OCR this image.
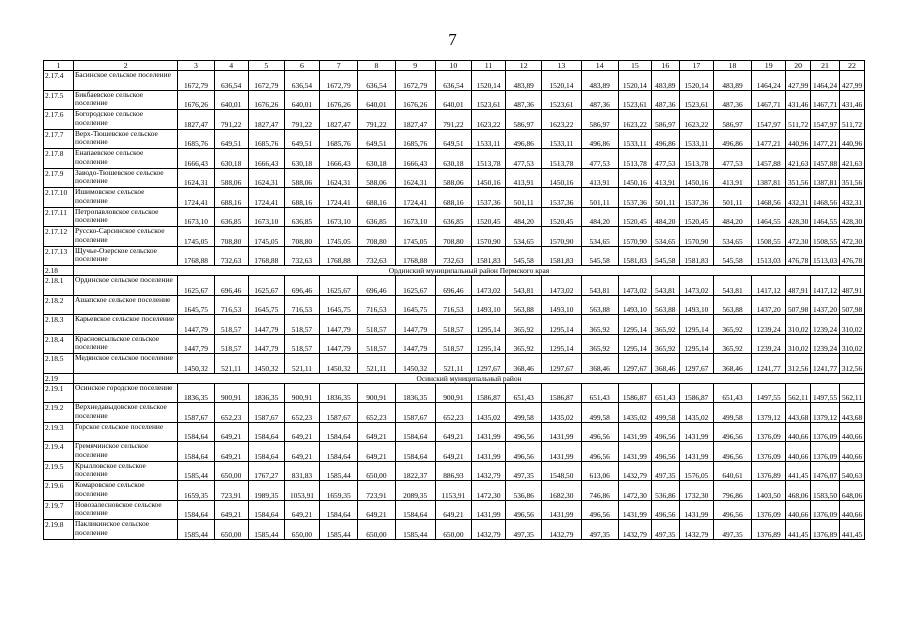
7
1	2	3	4	5	6	7	8	9	10	11	12	13	14	15	16	17	18	19	20	21	22
2.17.4	Басинское сельское поселение	1672,79	636,54	1672,79	636,54	1672,79	636,54	1672,79	636,54	1520,14	483,89	1520,14	483,89	1520,14	483,89	1520,14	483,89	1464,24	427,99	1464,24	427,99
2.17.5	Бикбаевское сельское поселение	1676,26	640,01	1676,26	640,01	1676,26	640,01	1676,26	640,01	1523,61	487,36	1523,61	487,36	1523,61	487,36	1523,61	487,36	1467,71	431,46	1467,71	431,46
2.17.6	Богородское сельское поселение	1827,47	791,22	1827,47	791,22	1827,47	791,22	1827,47	791,22	1623,22	586,97	1623,22	586,97	1623,22	586,97	1623,22	586,97	1547,97	511,72	1547,97	511,72
2.17.7	Верх-Тюшевское сельское поселение	1685,76	649,51	1685,76	649,51	1685,76	649,51	1685,76	649,51	1533,11	496,86	1533,11	496,86	1533,11	496,86	1533,11	496,86	1477,21	440,96	1477,21	440,96
2.17.8	Енапаевское сельское поселение	1666,43	630,18	1666,43	630,18	1666,43	630,18	1666,43	630,18	1513,78	477,53	1513,78	477,53	1513,78	477,53	1513,78	477,53	1457,88	421,63	1457,88	421,63
2.17.9	Заводо-Тюшевское сельское поселение	1624,31	588,06	1624,31	588,06	1624,31	588,06	1624,31	588,06	1450,16	413,91	1450,16	413,91	1450,16	413,91	1450,16	413,91	1387,81	351,56	1387,81	351,56
2.17.10	Ишимовское сельское поселение	1724,41	688,16	1724,41	688,16	1724,41	688,16	1724,41	688,16	1537,36	501,11	1537,36	501,11	1537,36	501,11	1537,36	501,11	1468,56	432,31	1468,56	432,31
2.17.11	Петропавловское сельское поселение	1673,10	636,85	1673,10	636,85	1673,10	636,85	1673,10	636,85	1520,45	484,20	1520,45	484,20	1520,45	484,20	1520,45	484,20	1464,55	428,30	1464,55	428,30
2.17.12	Русско-Сарсинское сельское поселение	1745,05	708,80	1745,05	708,80	1745,05	708,80	1745,05	708,80	1570,90	534,65	1570,90	534,65	1570,90	534,65	1570,90	534,65	1508,55	472,30	1508,55	472,30
2.17.13	Щучье-Озерское сельское поселение	1768,88	732,63	1768,88	732,63	1768,88	732,63	1768,88	732,63	1581,83	545,58	1581,83	545,58	1581,83	545,58	1581,83	545,58	1513,03	476,78	1513,03	476,78
2.18	Ординский муниципальный район Пермского края																				
2.18.1	Ординское сельское поселение	1625,67	696,46	1625,67	696,46	1625,67	696,46	1625,67	696,46	1473,02	543,81	1473,02	543,81	1473,02	543,81	1473,02	543,81	1417,12	487,91	1417,12	487,91
2.18.2	Ашапское сельское поселение	1645,75	716,53	1645,75	716,53	1645,75	716,53	1645,75	716,53	1493,10	563,88	1493,10	563,88	1493,10	563,88	1493,10	563,88	1437,20	507,98	1437,20	507,98
2.18.3	Карьевское сельское поселение	1447,79	518,57	1447,79	518,57	1447,79	518,57	1447,79	518,57	1295,14	365,92	1295,14	365,92	1295,14	365,92	1295,14	365,92	1239,24	310,02	1239,24	310,02
2.18.4	Красноясыльское сельское поселение	1447,79	518,57	1447,79	518,57	1447,79	518,57	1447,79	518,57	1295,14	365,92	1295,14	365,92	1295,14	365,92	1295,14	365,92	1239,24	310,02	1239,24	310,02
2.18.5	Медянское сельское поселение	1450,32	521,11	1450,32	521,11	1450,32	521,11	1450,32	521,11	1297,67	368,46	1297,67	368,46	1297,67	368,46	1297,67	368,46	1241,77	312,56	1241,77	312,56
2.19	Осинский муниципальный район																				
2.19.1	Осинское городское поселение	1836,35	900,91	1836,35	900,91	1836,35	900,91	1836,35	900,91	1586,87	651,43	1586,87	651,43	1586,87	651,43	1586,87	651,43	1497,55	562,11	1497,55	562,11
2.19.2	Верхнедавыдовское сельское поселение	1587,67	652,23	1587,67	652,23	1587,67	652,23	1587,67	652,23	1435,02	499,58	1435,02	499,58	1435,02	499,58	1435,02	499,58	1379,12	443,68	1379,12	443,68
2.19.3	Горское сельское поселение	1584,64	649,21	1584,64	649,21	1584,64	649,21	1584,64	649,21	1431,99	496,56	1431,99	496,56	1431,99	496,56	1431,99	496,56	1376,09	440,66	1376,09	440,66
2.19.4	Гремячинское сельское поселение	1584,64	649,21	1584,64	649,21	1584,64	649,21	1584,64	649,21	1431,99	496,56	1431,99	496,56	1431,99	496,56	1431,99	496,56	1376,09	440,66	1376,09	440,66
2.19.5	Крылловское сельское поселение	1585,44	650,00	1767,27	831,83	1585,44	650,00	1822,37	886,93	1432,79	497,35	1548,50	613,06	1432,79	497,35	1576,05	640,61	1376,89	441,45	1476,07	540,63
2.19.6	Комаровское сельское поселение	1659,35	723,91	1989,35	1053,91	1659,35	723,91	2089,35	1153,91	1472,30	536,86	1682,30	746,86	1472,30	536,86	1732,30	796,86	1403,50	468,06	1583,50	648,06
2.19.7	Новозалесновское сельское поселение	1584,64	649,21	1584,64	649,21	1584,64	649,21	1584,64	649,21	1431,99	496,56	1431,99	496,56	1431,99	496,56	1431,99	496,56	1376,09	440,66	1376,09	440,66
2.19.8	Пакликинское сельское поселение	1585,44	650,00	1585,44	650,00	1585,44	650,00	1585,44	650,00	1432,79	497,35	1432,79	497,35	1432,79	497,35	1432,79	497,35	1376,89	441,45	1376,89	441,45
